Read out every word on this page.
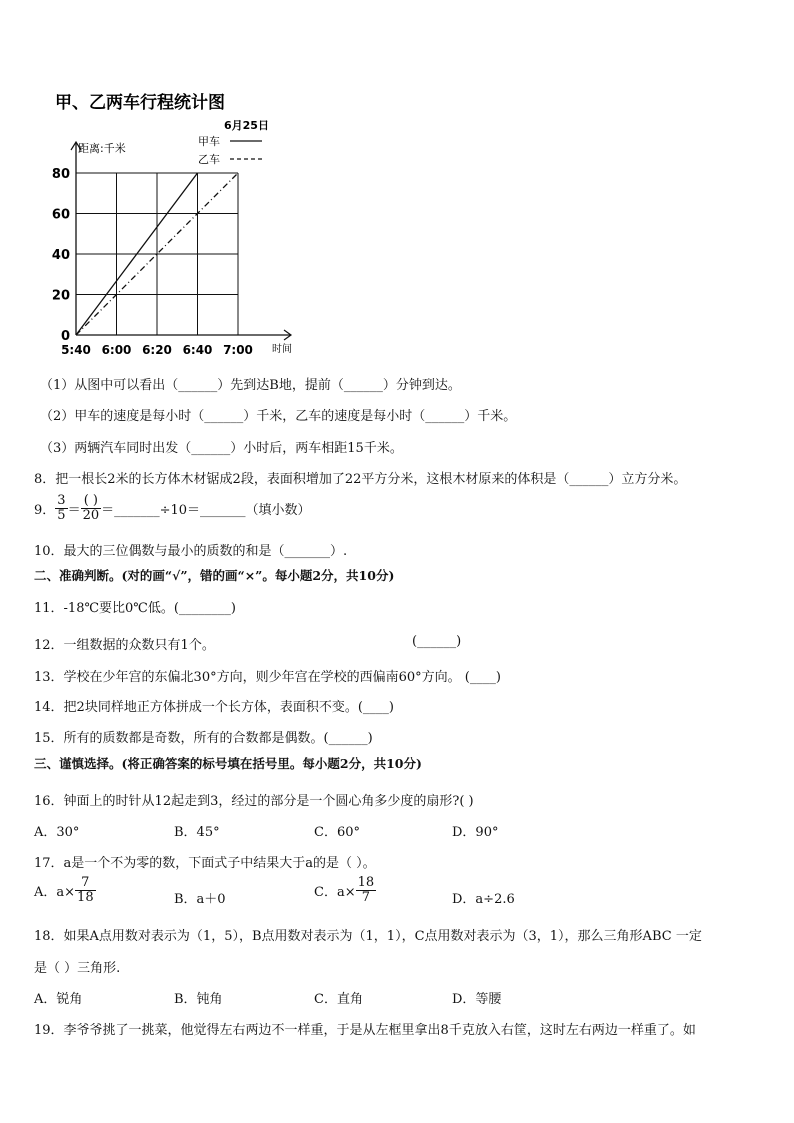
甲、乙两车行程统计图
6月25日
甲车
乙车
距离:千米
时间
0
20
40
60
80
5:40 6:00 6:20 6:40 7:00
（1）从图中可以看出（______）先到达B地，提前（______）分钟到达。
（2）甲车的速度是每小时（______）千米，乙车的速度是每小时（______）千米。
（3）两辆汽车同时出发（______）小时后，两车相距15千米。
8．把一根长2米的长方体木材锯成2段，表面积增加了22平方分米，这根木材原来的体积是（______）立方分米。
9． $\frac{3}{5} = \frac{( )}{20}$ ＝_______÷10＝_______（填小数）
10．最大的三位偶数与最小的质数的和是（_______）.
二、准确判断。(对的画“√”，错的画“×”。每小题2分，共10分)
11．-18℃要比0℃低。(________)
12．一组数据的众数只有1个。	(______)
13．学校在少年宫的东偏北30°方向，则少年宫在学校的西偏南60°方向。 (____)
14．把2块同样地正方体拼成一个长方体，表面积不变。(____)
15．所有的质数都是奇数，所有的合数都是偶数。(______)
三、谨慎选择。(将正确答案的标号填在括号里。每小题2分，共10分)
16．钟面上的时针从12起走到3，经过的部分是一个圆心角多少度的扇形?( )
A．30°	B．45°	C．60°	D．90°
17．a是一个不为零的数，下面式子中结果大于a的是（ ）。
A．$a\times \frac{7}{18}$	B．a＋0	C．$a\times \frac{18}{7}$	D．a÷2.6
18．如果A点用数对表示为（1，5），B点用数对表示为（1，1），C点用数对表示为（3，1），那么三角形ABC 一定
是（ ）三角形.
A．锐角	B．钝角	C．直角	D．等腰
19．李爷爷挑了一挑菜，他觉得左右两边不一样重，于是从左框里拿出8千克放入右筐，这时左右两边一样重了。如
